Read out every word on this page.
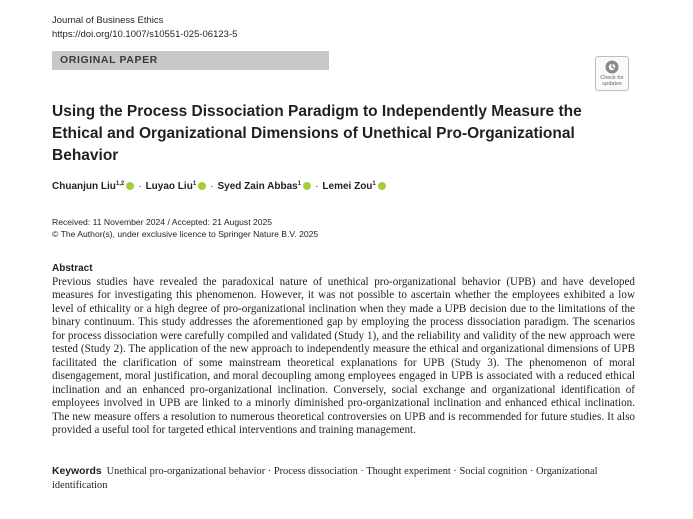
Journal of Business Ethics
https://doi.org/10.1007/s10551-025-06123-5
ORIGINAL PAPER
Check for updates
Using the Process Dissociation Paradigm to Independently Measure the Ethical and Organizational Dimensions of Unethical Pro-Organizational Behavior
Chuanjun Liu$^{1,2}$ · Luyao Liu$^1$ · Syed Zain Abbas$^1$ · Lemei Zou$^1$
Received: 11 November 2024 / Accepted: 21 August 2025
© The Author(s), under exclusive licence to Springer Nature B.V. 2025
Abstract

Previous studies have revealed the paradoxical nature of unethical pro-organizational behavior (UPB) and have developed measures for investigating this phenomenon. However, it was not possible to ascertain whether the employees exhibited a low level of ethicality or a high degree of pro-organizational inclination when they made a UPB decision due to the limitations of the binary continuum. This study addresses the aforementioned gap by employing the process dissociation paradigm. The scenarios for process dissociation were carefully compiled and validated (Study 1), and the reliability and validity of the new approach were tested (Study 2). The application of the new approach to independently measure the ethical and organizational dimensions of UPB facilitated the clarification of some mainstream theoretical explanations for UPB (Study 3). The phenomenon of moral disengagement, moral justification, and moral decoupling among employees engaged in UPB is associated with a reduced ethical inclination and an enhanced pro-organizational inclination. Conversely, social exchange and organizational identification of employees involved in UPB are linked to a minorly diminished pro-organizational inclination and enhanced ethical inclination. The new measure offers a resolution to numerous theoretical controversies on UPB and is recommended for future studies. It also provided a useful tool for targeted ethical interventions and training management.

Keywords Unethical pro-organizational behavior · Process dissociation · Thought experiment · Social cognition · Organizational identification
